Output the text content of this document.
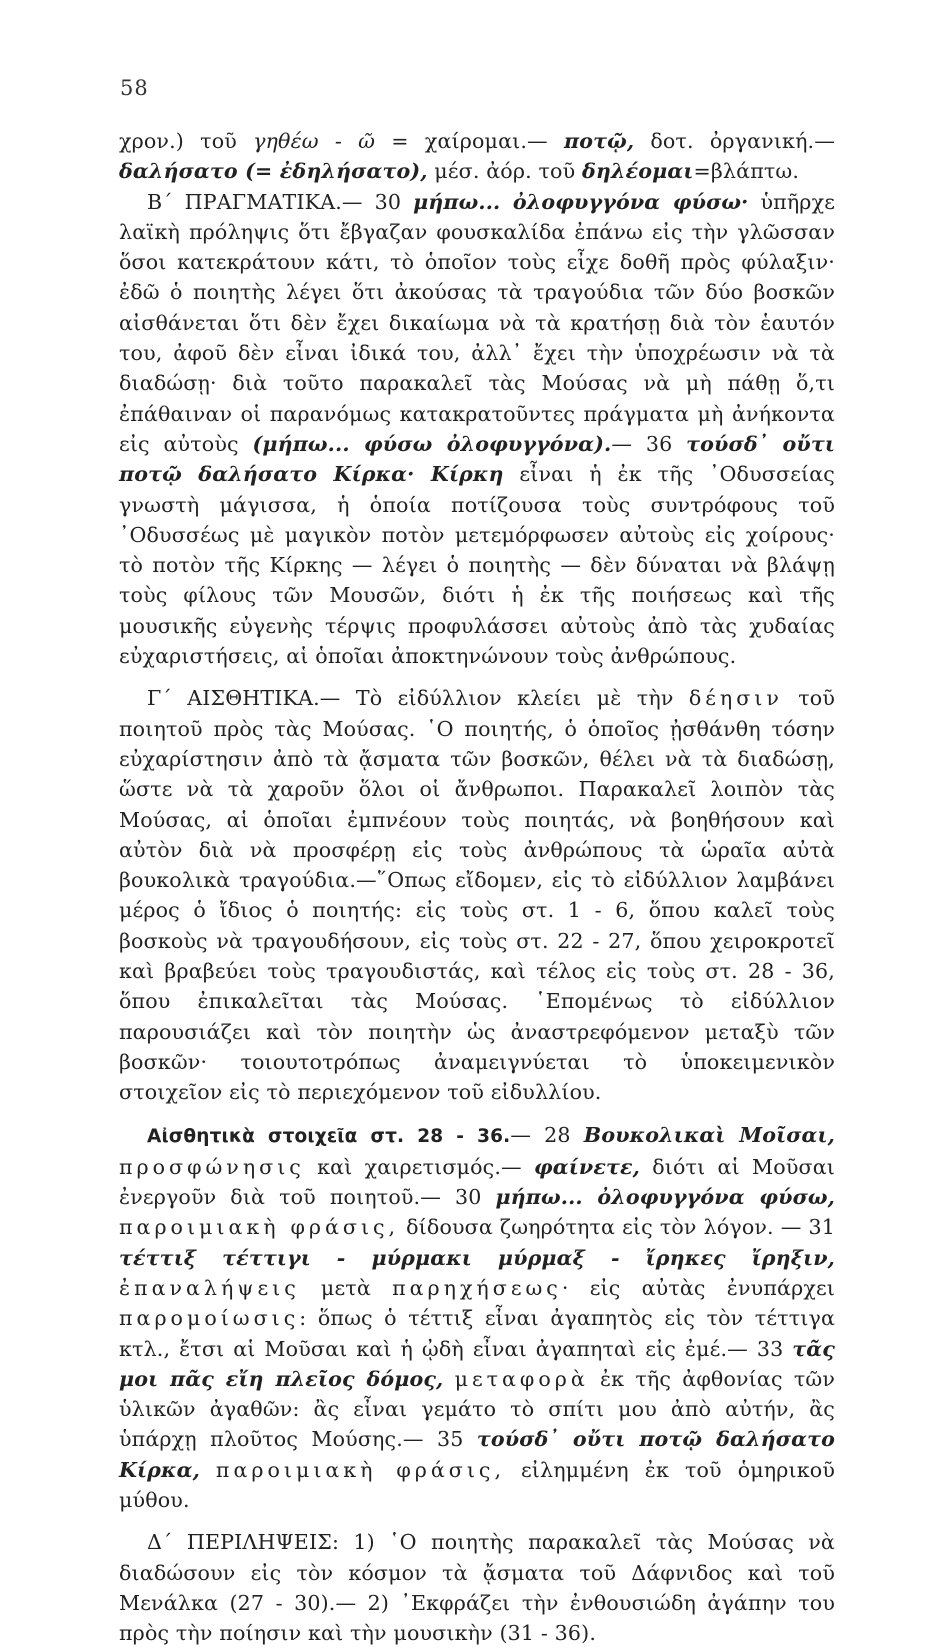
58

χρον.) τοῦ γηθέω - ῶ = χαίρομαι.— ποτῷ, δοτ. ὀργανική.— δαλήσατο (= ἐδηλήσατο), μέσ. ἀόρ. τοῦ δηλέομαι=βλάπτω.

Β΄ ΠΡΑΓΜΑΤΙΚΑ.— 30 μήπω... ὀλοφυγγόνα φύσω· ὑπῆρχε λαϊκὴ πρόληψις ὅτι ἔβγαζαν φουσκαλίδα ἐπάνω εἰς τὴν γλῶσσαν ὅσοι κατεκράτουν κάτι, τὸ ὁποῖον τοὺς εἶχε δοθῆ πρὸς φύλαξιν· ἐδῶ ὁ ποιητὴς λέγει ὅτι ἀκούσας τὰ τραγούδια τῶν δύο βοσκῶν αἰσθάνεται ὅτι δὲν ἔχει δικαίωμα νὰ τὰ κρατήσῃ διὰ τὸν ἑαυτόν του, ἀφοῦ δὲν εἶναι ἰδικά του, ἀλλ᾿ ἔχει τὴν ὑποχρέωσιν νὰ τὰ διαδώσῃ· διὰ τοῦτο παρακαλεῖ τὰς Μούσας νὰ μὴ πάθῃ ὅ,τι ἐπάθαιναν οἱ παρανόμως κατακρατοῦντες πράγματα μὴ ἀνήκοντα εἰς αὐτοὺς (μήπω... φύσω ὀλοφυγγόνα).— 36 τούσδ᾿ οὔτι ποτῷ δαλήσατο Κίρκα· Κίρκη εἶναι ἡ ἐκ τῆς ᾿Οδυσσείας γνωστὴ μάγισσα, ἡ ὁποία ποτίζουσα τοὺς συντρόφους τοῦ ᾿Οδυσσέως μὲ μαγικὸν ποτὸν μετεμόρφωσεν αὐτοὺς εἰς χοίρους· τὸ ποτὸν τῆς Κίρκης — λέγει ὁ ποιητὴς — δὲν δύναται νὰ βλάψῃ τοὺς φίλους τῶν Μουσῶν, διότι ἡ ἐκ τῆς ποιήσεως καὶ τῆς μουσικῆς εὐγενὴς τέρψις προφυλάσσει αὐτοὺς ἀπὸ τὰς χυδαίας εὐχαριστήσεις, αἱ ὁποῖαι ἀποκτηνώνουν τοὺς ἀνθρώπους.

Γ΄ ΑΙΣΘΗΤΙΚΑ.— Τὸ εἰδύλλιον κλείει μὲ τὴν δέησιν τοῦ ποιητοῦ πρὸς τὰς Μούσας. ῾Ο ποιητής, ὁ ὁποῖος ᾐσθάνθη τόσην εὐχαρίστησιν ἀπὸ τὰ ᾄσματα τῶν βοσκῶν, θέλει νὰ τὰ διαδώσῃ, ὥστε νὰ τὰ χαροῦν ὅλοι οἱ ἄνθρωποι. Παρακαλεῖ λοιπὸν τὰς Μούσας, αἱ ὁποῖαι ἐμπνέουν τοὺς ποιητάς, νὰ βοηθήσουν καὶ αὐτὸν διὰ νὰ προσφέρῃ εἰς τοὺς ἀνθρώπους τὰ ὡραῖα αὐτὰ βουκολικὰ τραγούδια.—῞Οπως εἴδομεν, εἰς τὸ εἰδύλλιον λαμβάνει μέρος ὁ ἴδιος ὁ ποιητής: εἰς τοὺς στ. 1 - 6, ὅπου καλεῖ τοὺς βοσκοὺς νὰ τραγουδήσουν, εἰς τοὺς στ. 22 - 27, ὅπου χειροκροτεῖ καὶ βραβεύει τοὺς τραγουδιστάς, καὶ τέλος εἰς τοὺς στ. 28 - 36, ὅπου ἐπικαλεῖται τὰς Μούσας. ῾Επομένως τὸ εἰδύλλιον παρουσιάζει καὶ τὸν ποιητὴν ὡς ἀναστρεφόμενον μεταξὺ τῶν βοσκῶν· τοιουτοτρόπως ἀναμειγνύεται τὸ ὑποκειμενικὸν στοιχεῖον εἰς τὸ περιεχόμενον τοῦ εἰδυλλίου.

Αἰσθητικὰ στοιχεῖα στ. 28 - 36.— 28 Βουκολικαὶ Μοῖσαι, προσφώνησις καὶ χαιρετισμός.— φαίνετε, διότι αἱ Μοῦσαι ἐνεργοῦν διὰ τοῦ ποιητοῦ.— 30 μήπω... ὀλοφυγγόνα φύσω, παροιμιακὴ φράσις, δίδουσα ζωηρότητα εἰς τὸν λόγον. — 31 τέττιξ τέττιγι - μύρμακι μύρμαξ - ἴρηκες ἴρηξιν, ἐπαναλήψεις μετὰ παρηχήσεως· εἰς αὐτὰς ἐνυπάρχει παρομοίωσις: ὅπως ὁ τέττιξ εἶναι ἀγαπητὸς εἰς τὸν τέττιγα κτλ., ἔτσι αἱ Μοῦσαι καὶ ἡ ᾠδὴ εἶναι ἀγαπηταὶ εἰς ἐμέ.— 33 τᾶς μοι πᾶς εἴη πλεῖος δόμος, μεταφορὰ ἐκ τῆς ἀφθονίας τῶν ὑλικῶν ἀγαθῶν: ἂς εἶναι γεμάτο τὸ σπίτι μου ἀπὸ αὐτήν, ἂς ὑπάρχῃ πλοῦτος Μούσης.— 35 τούσδ᾿ οὔτι ποτῷ δαλήσατο Κίρκα, παροιμιακὴ φράσις, εἰλημμένη ἐκ τοῦ ὁμηρικοῦ μύθου.

Δ΄ ΠΕΡΙΛΗΨΕΙΣ: 1) ῾Ο ποιητὴς παρακαλεῖ τὰς Μούσας νὰ διαδώσουν εἰς τὸν κόσμον τὰ ᾄσματα τοῦ Δάφνιδος καὶ τοῦ Μενάλκα (27 - 30).— 2) ᾿Εκφράζει τὴν ἐνθουσιώδη ἀγάπην του πρὸς τὴν ποίησιν καὶ τὴν μουσικὴν (31 - 36).
